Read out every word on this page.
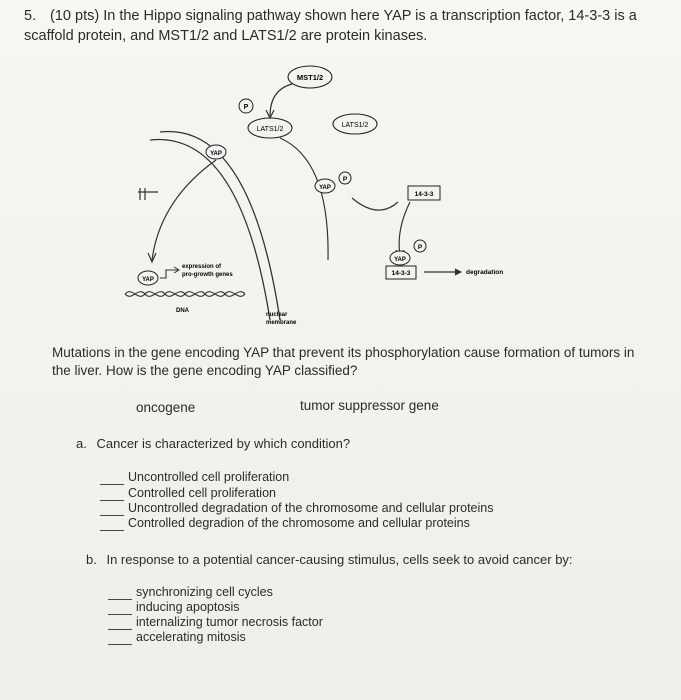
5. (10 pts) In the Hippo signaling pathway shown here YAP is a transcription factor, 14-3-3 is a scaffold protein, and MST1/2 and LATS1/2 are protein kinases.
MST1/2
LATS1/2
P
LATS1/2
YAP
YAP
P
14-3-3
YAP
P
14-3-3	degradation
YAP
expression of
pro-growth genes
DNA
nuclear
membrane
Mutations in the gene encoding YAP that prevent its phosphorylation cause formation of tumors in the liver. How is the gene encoding YAP classified?
oncogene	tumor suppressor gene
a. Cancer is characterized by which condition?
Uncontrolled cell proliferation
Controlled cell proliferation
Uncontrolled degradation of the chromosome and cellular proteins
Controlled degradion of the chromosome and cellular proteins
b. In response to a potential cancer-causing stimulus, cells seek to avoid cancer by:
synchronizing cell cycles
inducing apoptosis
internalizing tumor necrosis factor
accelerating mitosis
